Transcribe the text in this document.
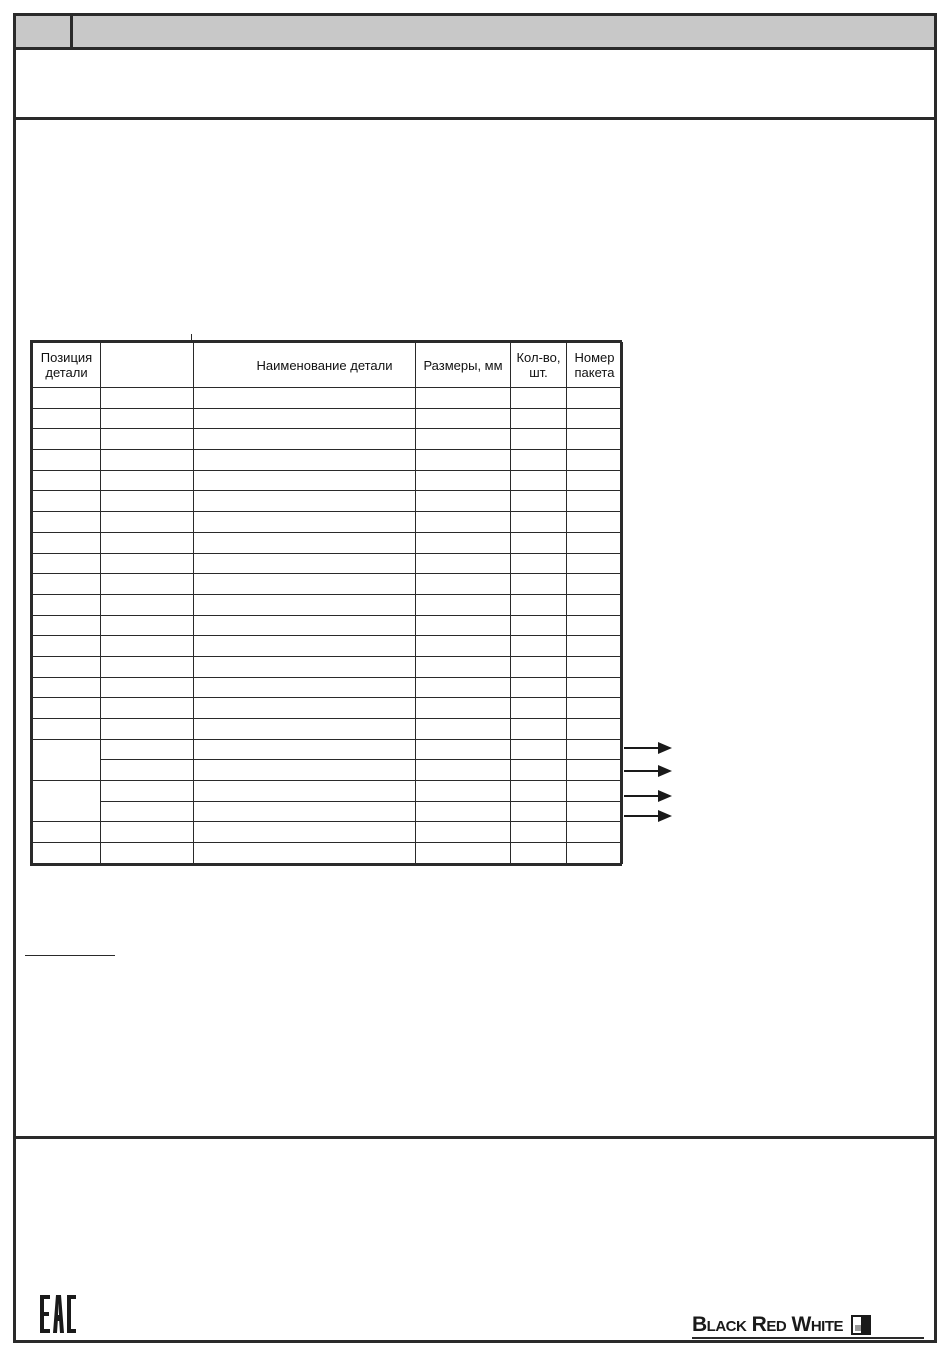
Позиция детали		Наименование детали	Размеры, мм	Кол-во, шт.	Номер пакета

Black Red White
